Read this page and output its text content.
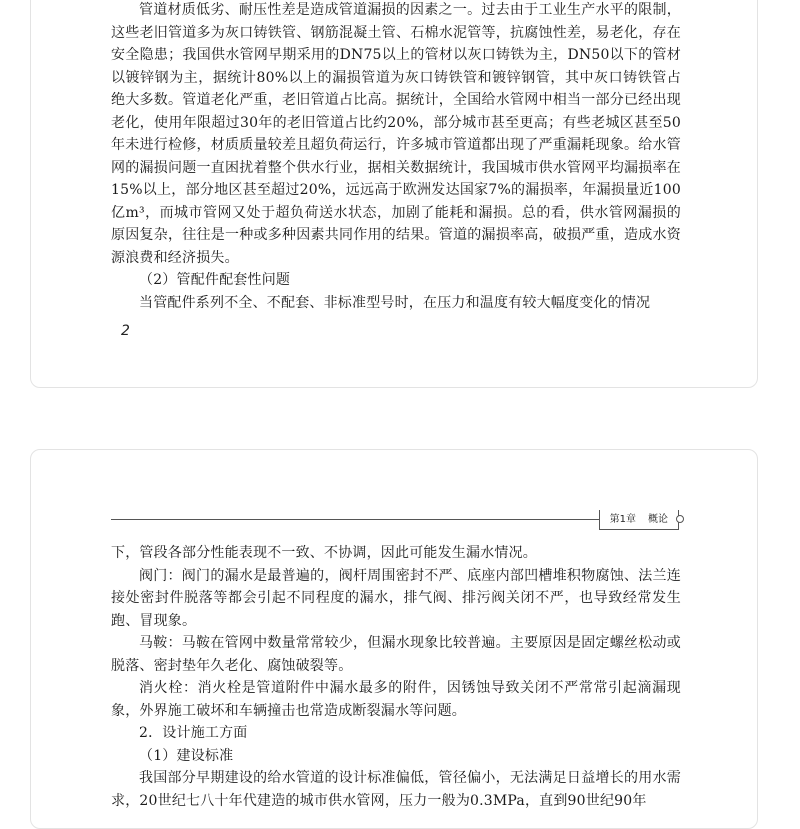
管道材质低劣、耐压性差是造成管道漏损的因素之一。过去由于工业生产水平的限制，这些老旧管道多为灰口铸铁管、钢筋混凝土管、石棉水泥管等，抗腐蚀性差，易老化，存在安全隐患；我国供水管网早期采用的DN75以上的管材以灰口铸铁为主，DN50以下的管材以镀锌钢为主，据统计80%以上的漏损管道为灰口铸铁管和镀锌钢管，其中灰口铸铁管占绝大多数。管道老化严重，老旧管道占比高。据统计，全国给水管网中相当一部分已经出现老化，使用年限超过30年的老旧管道占比约20%，部分城市甚至更高；有些老城区甚至50年未进行检修，材质质量较差且超负荷运行，许多城市管道都出现了严重漏耗现象。给水管网的漏损问题一直困扰着整个供水行业，据相关数据统计，我国城市供水管网平均漏损率在15%以上，部分地区甚至超过20%，远远高于欧洲发达国家7%的漏损率，年漏损量近100亿m³，而城市管网又处于超负荷送水状态，加剧了能耗和漏损。总的看，供水管网漏损的原因复杂，往往是一种或多种因素共同作用的结果。管道的漏损率高，破损严重，造成水资源浪费和经济损失。

（2）管配件配套性问题

当管配件系列不全、不配套、非标准型号时，在压力和温度有较大幅度变化的情况

2
第1章 概论

下，管段各部分性能表现不一致、不协调，因此可能发生漏水情况。

阀门：阀门的漏水是最普遍的，阀杆周围密封不严、底座内部凹槽堆积物腐蚀、法兰连接处密封件脱落等都会引起不同程度的漏水，排气阀、排污阀关闭不严，也导致经常发生跑、冒现象。

马鞍：马鞍在管网中数量常常较少，但漏水现象比较普遍。主要原因是固定螺丝松动或脱落、密封垫年久老化、腐蚀破裂等。

消火栓：消火栓是管道附件中漏水最多的附件，因锈蚀导致关闭不严常常引起滴漏现象，外界施工破坏和车辆撞击也常造成断裂漏水等问题。

2．设计施工方面

（1）建设标准

我国部分早期建设的给水管道的设计标准偏低，管径偏小，无法满足日益增长的用水需求，20世纪七八十年代建造的城市供水管网，压力一般为0.3MPa，直到90世纪90年
